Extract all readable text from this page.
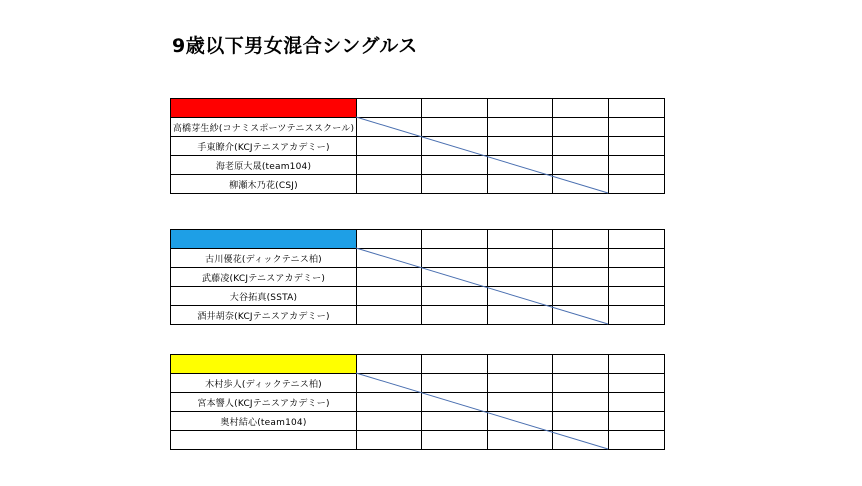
9歳以下男女混合シングルス

高橋芽生紗(コナミスポーツテニススクール)					
手東瞭介(KCJテニスアカデミー)					
海老原大晟(team104)					
柳瀬木乃花(CSJ)					

古川優花(ディックテニス柏)					
武藤凌(KCJテニスアカデミー)					
大谷拓真(SSTA)					
酒井胡奈(KCJテニスアカデミー)					

木村歩人(ディックテニス柏)					
宮本響人(KCJテニスアカデミー)					
奥村結心(team104)					
